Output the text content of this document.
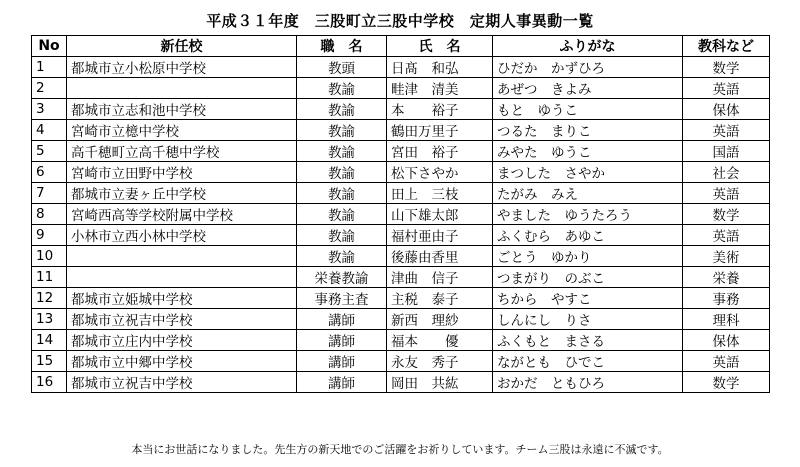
平成３１年度　三股町立三股中学校　定期人事異動一覧
No	新任校	職　名	氏　名	ふりがな	教科など
1	都城市立小松原中学校	教頭	日髙　和弘	ひだか　かずひろ	数学
2		教諭	畦津　清美	あぜつ　きよみ	英語
3	都城市立志和池中学校	教諭	本　　裕子	もと　ゆうこ	保体
4	宮崎市立檍中学校	教諭	鶴田万里子	つるた　まりこ	英語
5	高千穂町立高千穂中学校	教諭	宮田　裕子	みやた　ゆうこ	国語
6	宮崎市立田野中学校	教諭	松下さやか	まつした　さやか	社会
7	都城市立妻ヶ丘中学校	教諭	田上　三枝	たがみ　みえ	英語
8	宮崎西高等学校附属中学校	教諭	山下雄太郎	やました　ゆうたろう	数学
9	小林市立西小林中学校	教諭	福村亜由子	ふくむら　あゆこ	英語
10		教諭	後藤由香里	ごとう　ゆかり	美術
11		栄養教諭	津曲　信子	つまがり　のぶこ	栄養
12	都城市立姫城中学校	事務主査	主税　泰子	ちから　やすこ	事務
13	都城市立祝吉中学校	講師	新西　理紗	しんにし　りさ	理科
14	都城市立庄内中学校	講師	福本　　優	ふくもと　まさる	保体
15	都城市立中郷中学校	講師	永友　秀子	ながとも　ひでこ	英語
16	都城市立祝吉中学校	講師	岡田　共紘	おかだ　ともひろ	数学
本当にお世話になりました。先生方の新天地でのご活躍をお祈りしています。チーム三股は永遠に不滅です。
